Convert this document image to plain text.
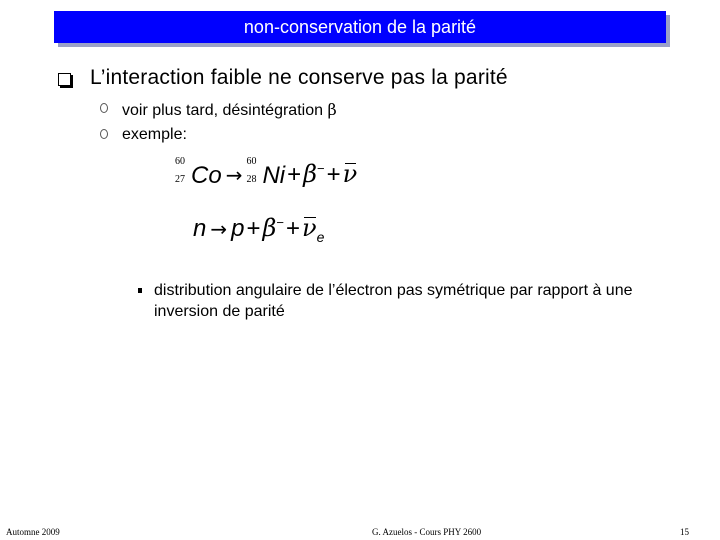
non-conservation de la parité
L’interaction faible ne conserve pas la parité
voir plus tard, désintégration β
exemple:
60
27 Co →
60
28 Ni+β−+ν
$n \to p+\beta^-+\nu_e$
distribution angulaire de l’électron pas symétrique par rapport à une inversion de parité
Automne 2009	G. Azuelos - Cours PHY 2600	15
